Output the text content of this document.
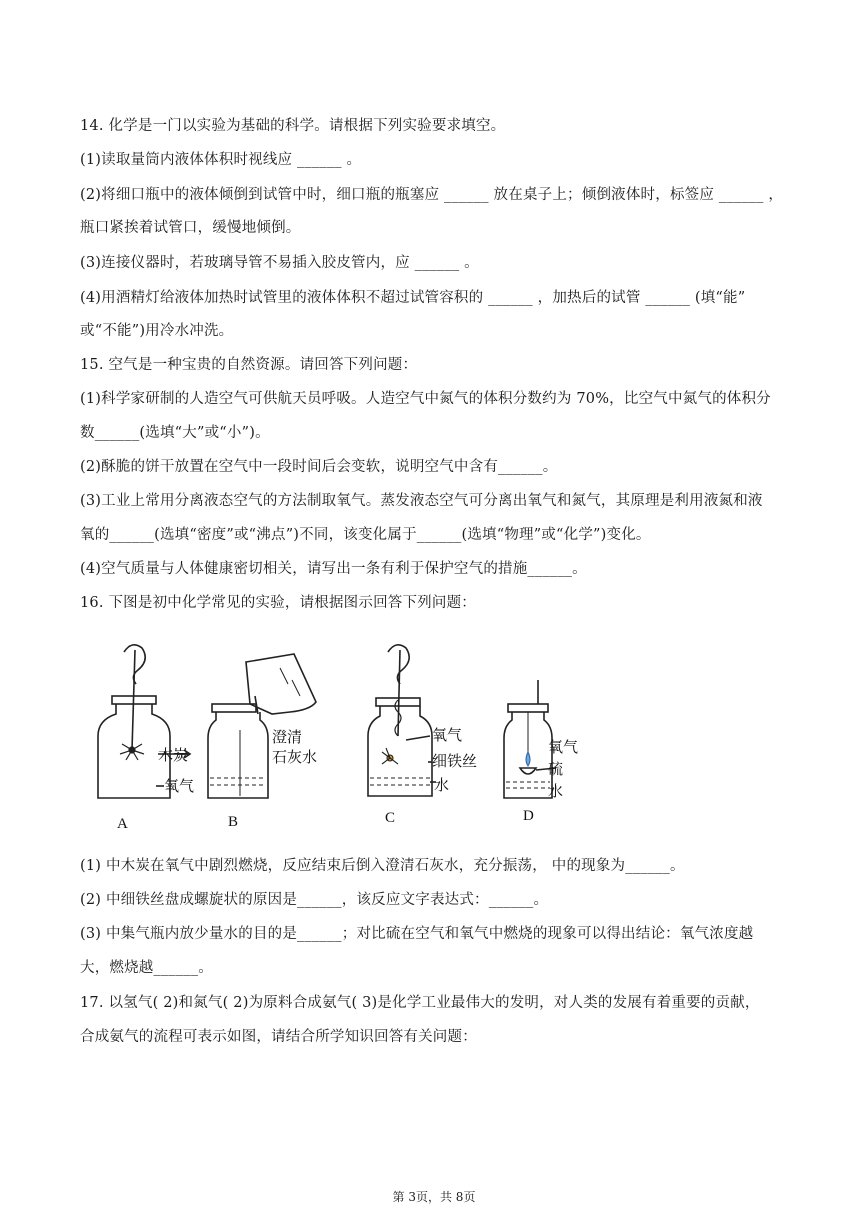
14. 化学是一门以实验为基础的科学。请根据下列实验要求填空。
(1)读取量筒内液体体积时视线应 ______ 。
(2)将细口瓶中的液体倾倒到试管中时，细口瓶的瓶塞应 ______ 放在桌子上；倾倒液体时，标签应 ______ ，
瓶口紧挨着试管口，缓慢地倾倒。
(3)连接仪器时，若玻璃导管不易插入胶皮管内，应 ______ 。
(4)用酒精灯给液体加热时试管里的液体体积不超过试管容积的 ______ ，加热后的试管 ______ (填“能”
或“不能”)用冷水冲洗。
15. 空气是一种宝贵的自然资源。请回答下列问题：
(1)科学家研制的人造空气可供航天员呼吸。人造空气中氮气的体积分数约为 70%，比空气中氮气的体积分
数______(选填“大”或“小”)。
(2)酥脆的饼干放置在空气中一段时间后会变软，说明空气中含有______。
(3)工业上常用分离液态空气的方法制取氧气。蒸发液态空气可分离出氧气和氮气，其原理是利用液氮和液
氧的______(选填“密度”或“沸点”)不同，该变化属于______(选填“物理”或“化学”)变化。
(4)空气质量与人体健康密切相关，请写出一条有利于保护空气的措施______。
16. 下图是初中化学常见的实验，请根据图示回答下列问题：
木炭
氧气
A
澄清
石灰水
B
氧气
细铁丝
水
C
氧气
硫
水
D
(1) 中木炭在氧气中剧烈燃烧，反应结束后倒入澄清石灰水，充分振荡， 中的现象为______。
(2) 中细铁丝盘成螺旋状的原因是______，该反应文字表达式：______。
(3) 中集气瓶内放少量水的目的是______；对比硫在空气和氧气中燃烧的现象可以得出结论：氧气浓度越
大，燃烧越______。
17. 以氢气( 2)和氮气( 2)为原料合成氨气( 3)是化学工业最伟大的发明，对人类的发展有着重要的贡献，
合成氨气的流程可表示如图，请结合所学知识回答有关问题：
第 3页，共 8页
